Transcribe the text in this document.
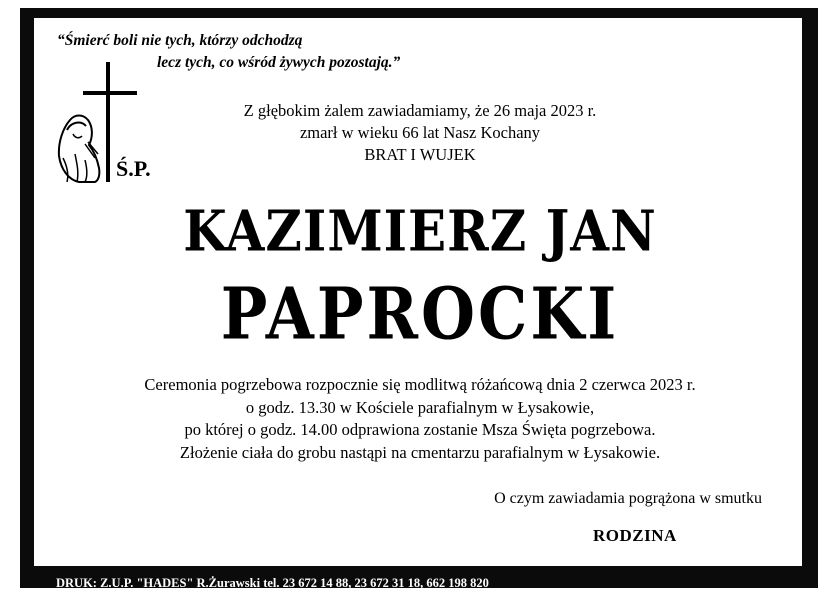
“Śmierć boli nie tych, którzy odchodzą
lecz tych, co wśród żywych pozostają.”
Ś.P.
Z głębokim żalem zawiadamiamy, że 26 maja 2023 r.
zmarł w wieku 66 lat Nasz Kochany
BRAT I WUJEK
KAZIMIERZ JAN
PAPROCKI
Ceremonia pogrzebowa rozpocznie się modlitwą różańcową dnia 2 czerwca 2023 r.
o godz. 13.30 w Kościele parafialnym w Łysakowie,
po której o godz. 14.00 odprawiona zostanie Msza Święta pogrzebowa.
Złożenie ciała do grobu nastąpi na cmentarzu parafialnym w Łysakowie.
O czym zawiadamia pogrążona w smutku
RODZINA
DRUK: Z.U.P. "HADES" R.Żurawski tel. 23 672 14 88, 23 672 31 18, 662 198 820
